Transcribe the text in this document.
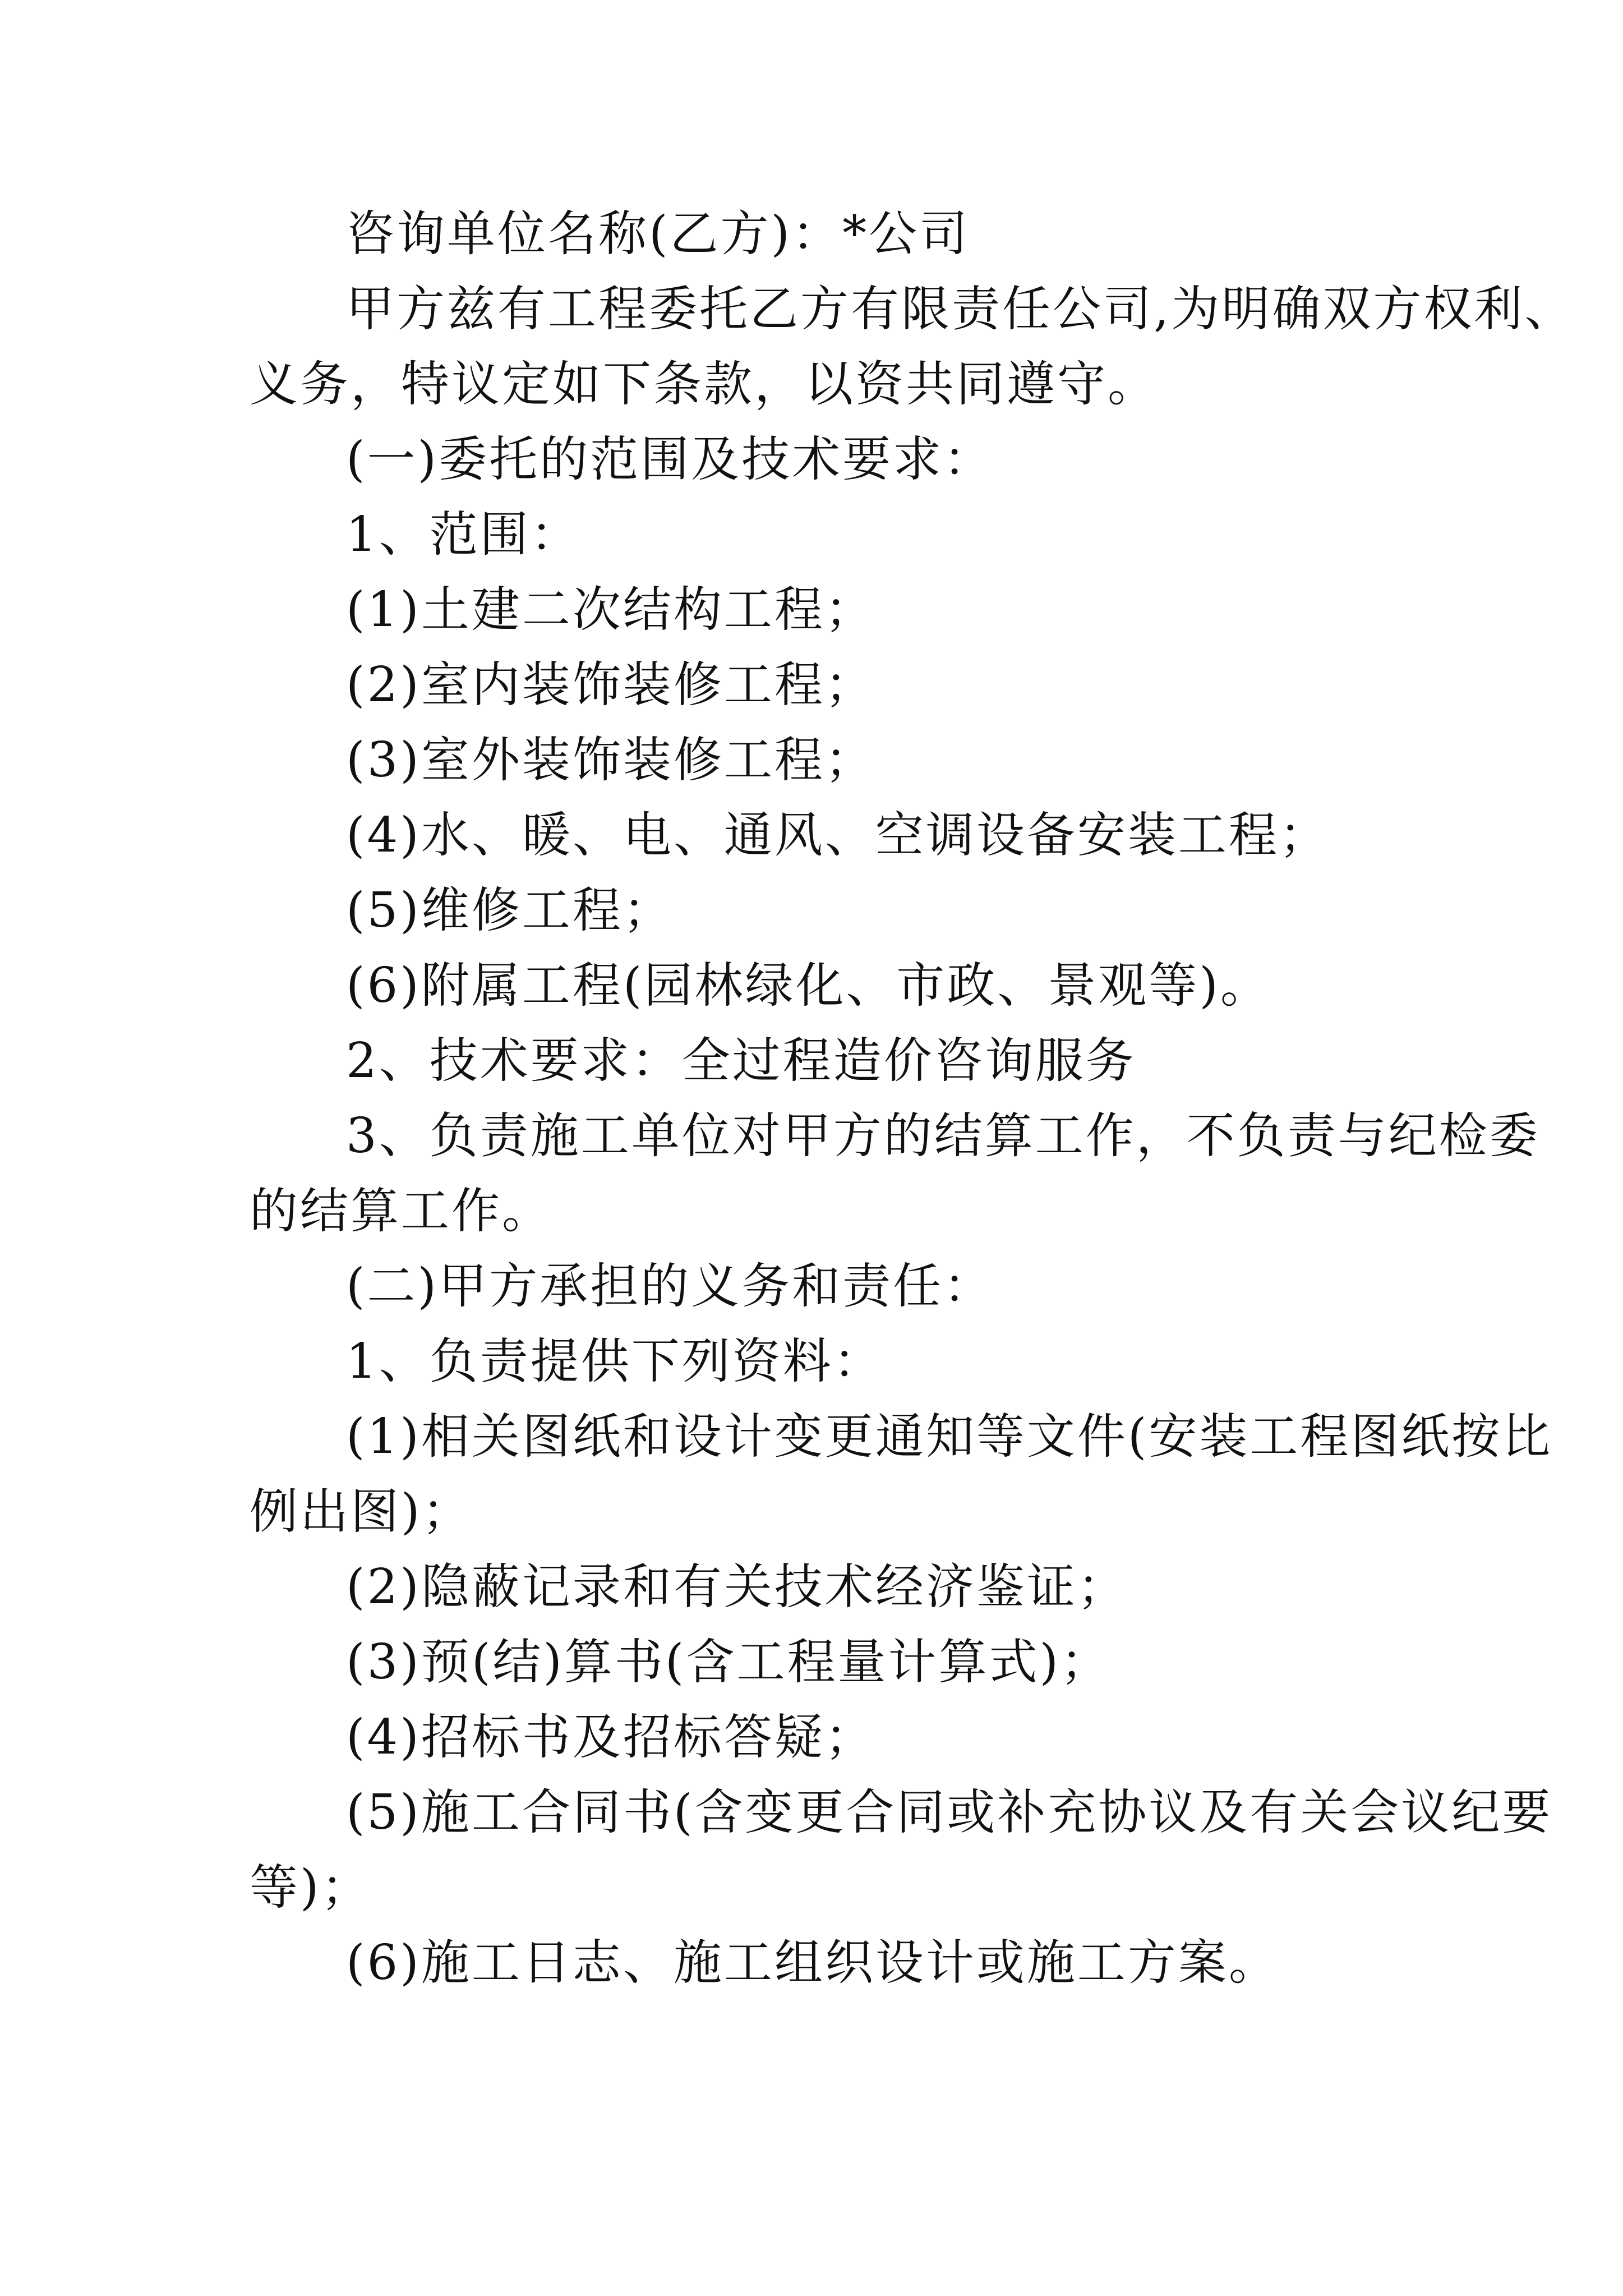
咨询单位名称(乙方)：*公司

甲方兹有工程委托乙方有限责任公司,为明确双方权利、

义务，特议定如下条款，以资共同遵守。

(一)委托的范围及技术要求：

1、范围：

(1)土建二次结构工程；

(2)室内装饰装修工程；

(3)室外装饰装修工程；

(4)水、暖、电、通风、空调设备安装工程；

(5)维修工程；

(6)附属工程(园林绿化、市政、景观等)。

2、技术要求：全过程造价咨询服务

3、负责施工单位对甲方的结算工作，不负责与纪检委

的结算工作。

(二)甲方承担的义务和责任：

1、负责提供下列资料：

(1)相关图纸和设计变更通知等文件(安装工程图纸按比

例出图)；

(2)隐蔽记录和有关技术经济鉴证；

(3)预(结)算书(含工程量计算式)；

(4)招标书及招标答疑；

(5)施工合同书(含变更合同或补充协议及有关会议纪要

等)；

(6)施工日志、施工组织设计或施工方案。
